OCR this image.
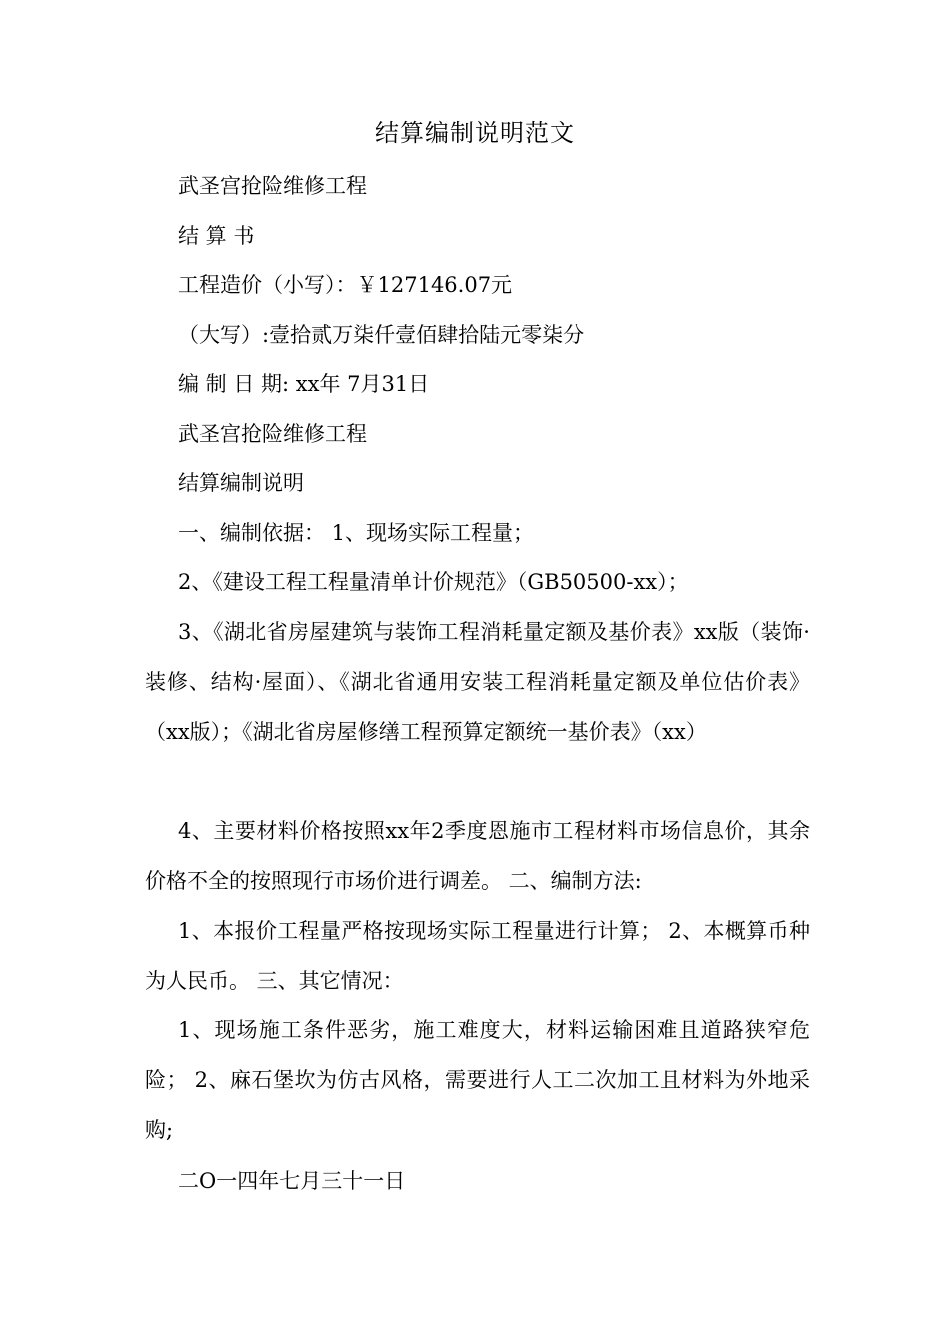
结算编制说明范文
武圣宫抢险维修工程
结 算 书
工程造价（小写）：￥127146.07元
（大写）:壹拾贰万柒仟壹佰肆拾陆元零柒分
编 制 日 期: xx年 7月31日
武圣宫抢险维修工程
结算编制说明
一、编制依据： 1、现场实际工程量；
2、《建设工程工程量清单计价规范》（GB50500-xx）；
3、《湖北省房屋建筑与装饰工程消耗量定额及基价表》xx版（装饰·装修、结构·屋面）、《湖北省通用安装工程消耗量定额及单位估价表》（xx版）；《湖北省房屋修缮工程预算定额统一基价表》（xx）
4、主要材料价格按照xx年2季度恩施市工程材料市场信息价，其余价格不全的按照现行市场价进行调差。 二、编制方法:
1、本报价工程量严格按现场实际工程量进行计算； 2、本概算币种为人民币。 三、其它情况：
1、现场施工条件恶劣，施工难度大，材料运输困难且道路狭窄危险； 2、麻石堡坎为仿古风格，需要进行人工二次加工且材料为外地采购;
二O一四年七月三十一日
